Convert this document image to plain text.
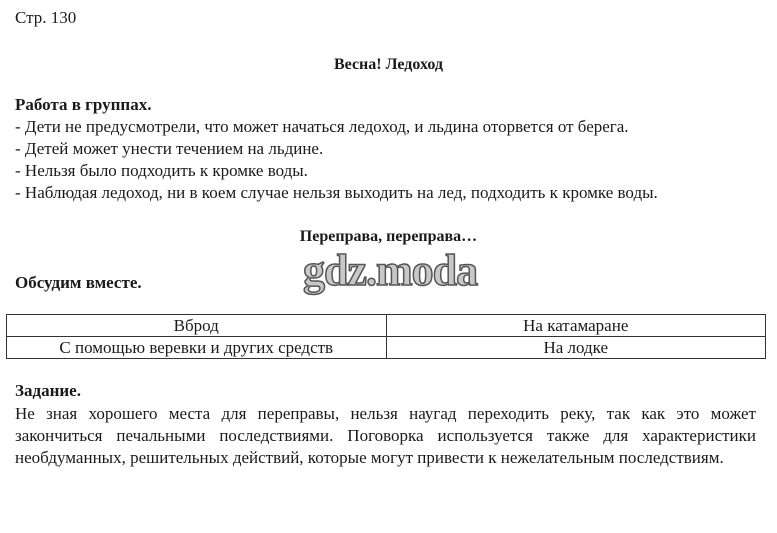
Стр. 130
Весна! Ледоход
Работа в группах.
- Дети не предусмотрели, что может начаться ледоход, и льдина оторвется от берега.
- Детей может унести течением на льдине.
- Нельзя было подходить к кромке воды.
- Наблюдая ледоход, ни в коем случае нельзя выходить на лед, подходить к кромке воды.
Переправа, переправа…
Обсудим вместе.	gdz.moda
Вброд	На катамаране
С помощью веревки и других средств	На лодке
Задание.
Не зная хорошего места для переправы, нельзя наугад переходить реку, так как это может закончиться печальными последствиями. Поговорка используется также для характеристики необдуманных, решительных действий, которые могут привести к нежелательным последствиям.
